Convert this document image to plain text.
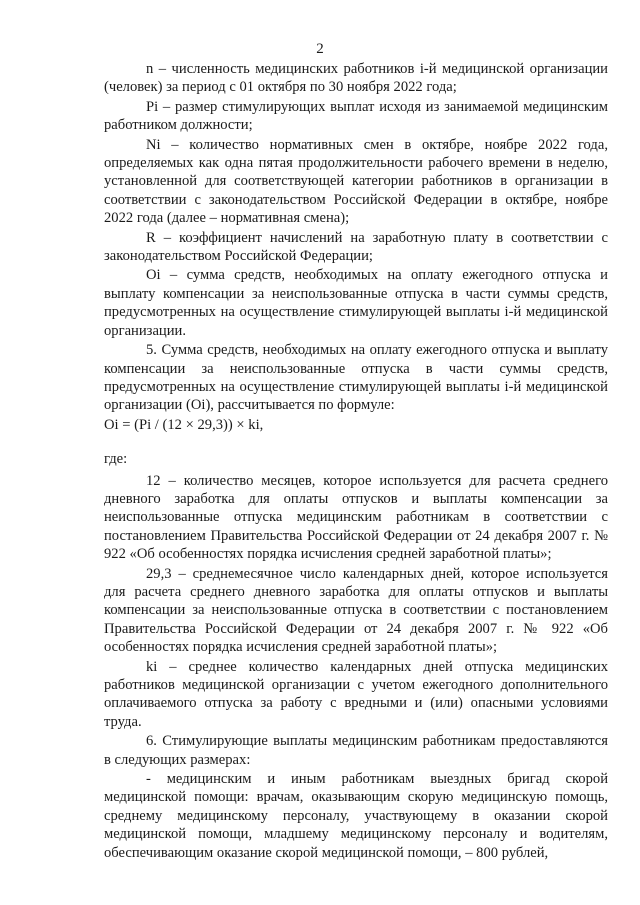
2

n – численность медицинских работников i-й медицинской организации (человек) за период с 01 октября по 30 ноября 2022 года;

Pi – размер стимулирующих выплат исходя из занимаемой медицинским работником должности;

Ni – количество нормативных смен в октябре, ноябре 2022 года, определяемых как одна пятая продолжительности рабочего времени в неделю, установленной для соответствующей категории работников в организации в соответствии с законодательством Российской Федерации в октябре, ноябре 2022 года (далее – нормативная смена);

R – коэффициент начислений на заработную плату в соответствии с законодательством Российской Федерации;

Oi – сумма средств, необходимых на оплату ежегодного отпуска и выплату компенсации за неиспользованные отпуска в части суммы средств, предусмотренных на осуществление стимулирующей выплаты i-й медицинской организации.

5. Сумма средств, необходимых на оплату ежегодного отпуска и выплату компенсации за неиспользованные отпуска в части суммы средств, предусмотренных на осуществление стимулирующей выплаты i-й медицинской организации (Oi), рассчитывается по формуле:

Oi = (Pi / (12 × 29,3)) × ki,

где:

12 – количество месяцев, которое используется для расчета среднего дневного заработка для оплаты отпусков и выплаты компенсации за неиспользованные отпуска медицинским работникам в соответствии с постановлением Правительства Российской Федерации от 24 декабря 2007 г. № 922 «Об особенностях порядка исчисления средней заработной платы»;

29,3 – среднемесячное число календарных дней, которое используется для расчета среднего дневного заработка для оплаты отпусков и выплаты компенсации за неиспользованные отпуска в соответствии с постановлением Правительства Российской Федерации от 24 декабря 2007 г. № 922 «Об особенностях порядка исчисления средней заработной платы»;

ki – среднее количество календарных дней отпуска медицинских работников медицинской организации с учетом ежегодного дополнительного оплачиваемого отпуска за работу с вредными и (или) опасными условиями труда.

6. Стимулирующие выплаты медицинским работникам предоставляются в следующих размерах:

- медицинским и иным работникам выездных бригад скорой медицинской помощи: врачам, оказывающим скорую медицинскую помощь, среднему медицинскому персоналу, участвующему в оказании скорой медицинской помощи, младшему медицинскому персоналу и водителям, обеспечивающим оказание скорой медицинской помощи, – 800 рублей,
